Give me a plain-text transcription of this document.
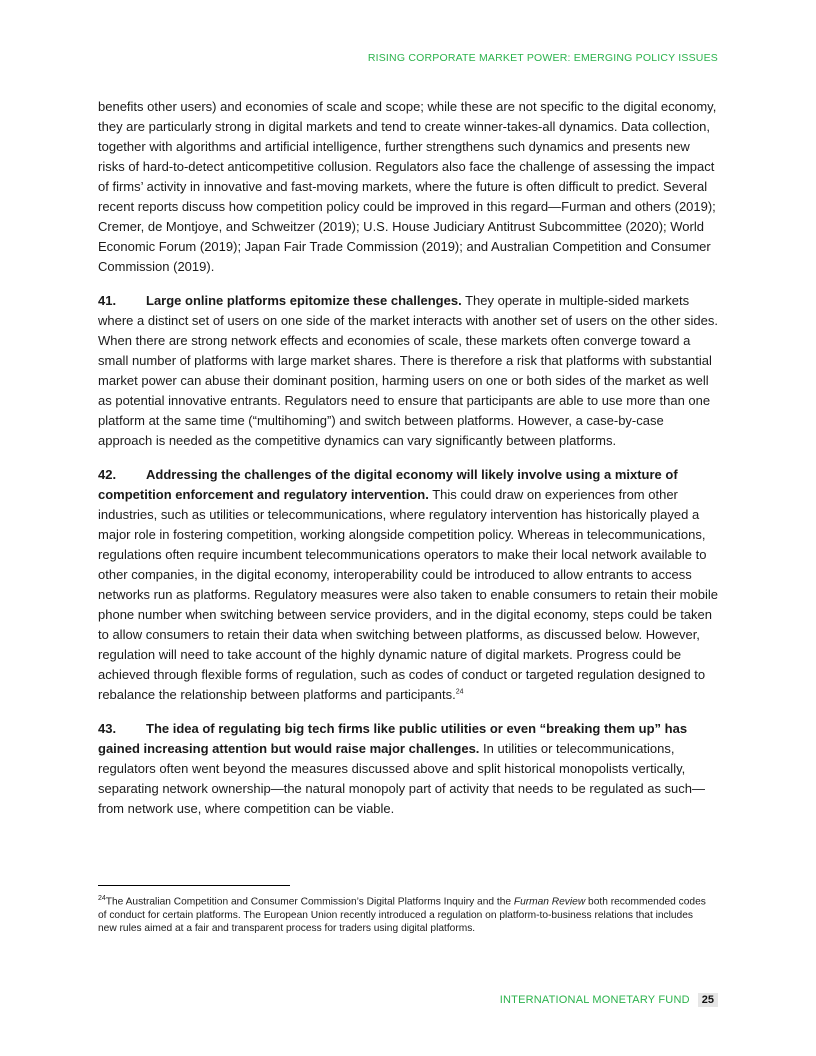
RISING CORPORATE MARKET POWER: EMERGING POLICY ISSUES

benefits other users) and economies of scale and scope; while these are not specific to the digital economy, they are particularly strong in digital markets and tend to create winner-takes-all dynamics. Data collection, together with algorithms and artificial intelligence, further strengthens such dynamics and presents new risks of hard-to-detect anticompetitive collusion. Regulators also face the challenge of assessing the impact of firms’ activity in innovative and fast-moving markets, where the future is often difficult to predict. Several recent reports discuss how competition policy could be improved in this regard—Furman and others (2019); Cremer, de Montjoye, and Schweitzer (2019); U.S. House Judiciary Antitrust Subcommittee (2020); World Economic Forum (2019); Japan Fair Trade Commission (2019); and Australian Competition and Consumer Commission (2019).

41. Large online platforms epitomize these challenges. They operate in multiple-sided markets where a distinct set of users on one side of the market interacts with another set of users on the other sides. When there are strong network effects and economies of scale, these markets often converge toward a small number of platforms with large market shares. There is therefore a risk that platforms with substantial market power can abuse their dominant position, harming users on one or both sides of the market as well as potential innovative entrants. Regulators need to ensure that participants are able to use more than one platform at the same time (“multihoming”) and switch between platforms. However, a case-by-case approach is needed as the competitive dynamics can vary significantly between platforms.

42. Addressing the challenges of the digital economy will likely involve using a mixture of competition enforcement and regulatory intervention. This could draw on experiences from other industries, such as utilities or telecommunications, where regulatory intervention has historically played a major role in fostering competition, working alongside competition policy. Whereas in telecommunications, regulations often require incumbent telecommunications operators to make their local network available to other companies, in the digital economy, interoperability could be introduced to allow entrants to access networks run as platforms. Regulatory measures were also taken to enable consumers to retain their mobile phone number when switching between service providers, and in the digital economy, steps could be taken to allow consumers to retain their data when switching between platforms, as discussed below. However, regulation will need to take account of the highly dynamic nature of digital markets. Progress could be achieved through flexible forms of regulation, such as codes of conduct or targeted regulation designed to rebalance the relationship between platforms and participants.$^{24}$

43. The idea of regulating big tech firms like public utilities or even “breaking them up” has gained increasing attention but would raise major challenges. In utilities or telecommunications, regulators often went beyond the measures discussed above and split historical monopolists vertically, separating network ownership—the natural monopoly part of activity that needs to be regulated as such—from network use, where competition can be viable.

$^{24}$The Australian Competition and Consumer Commission’s Digital Platforms Inquiry and the Furman Review both recommended codes of conduct for certain platforms. The European Union recently introduced a regulation on platform-to-business relations that includes new rules aimed at a fair and transparent process for traders using digital platforms.
INTERNATIONAL MONETARY FUND	25
